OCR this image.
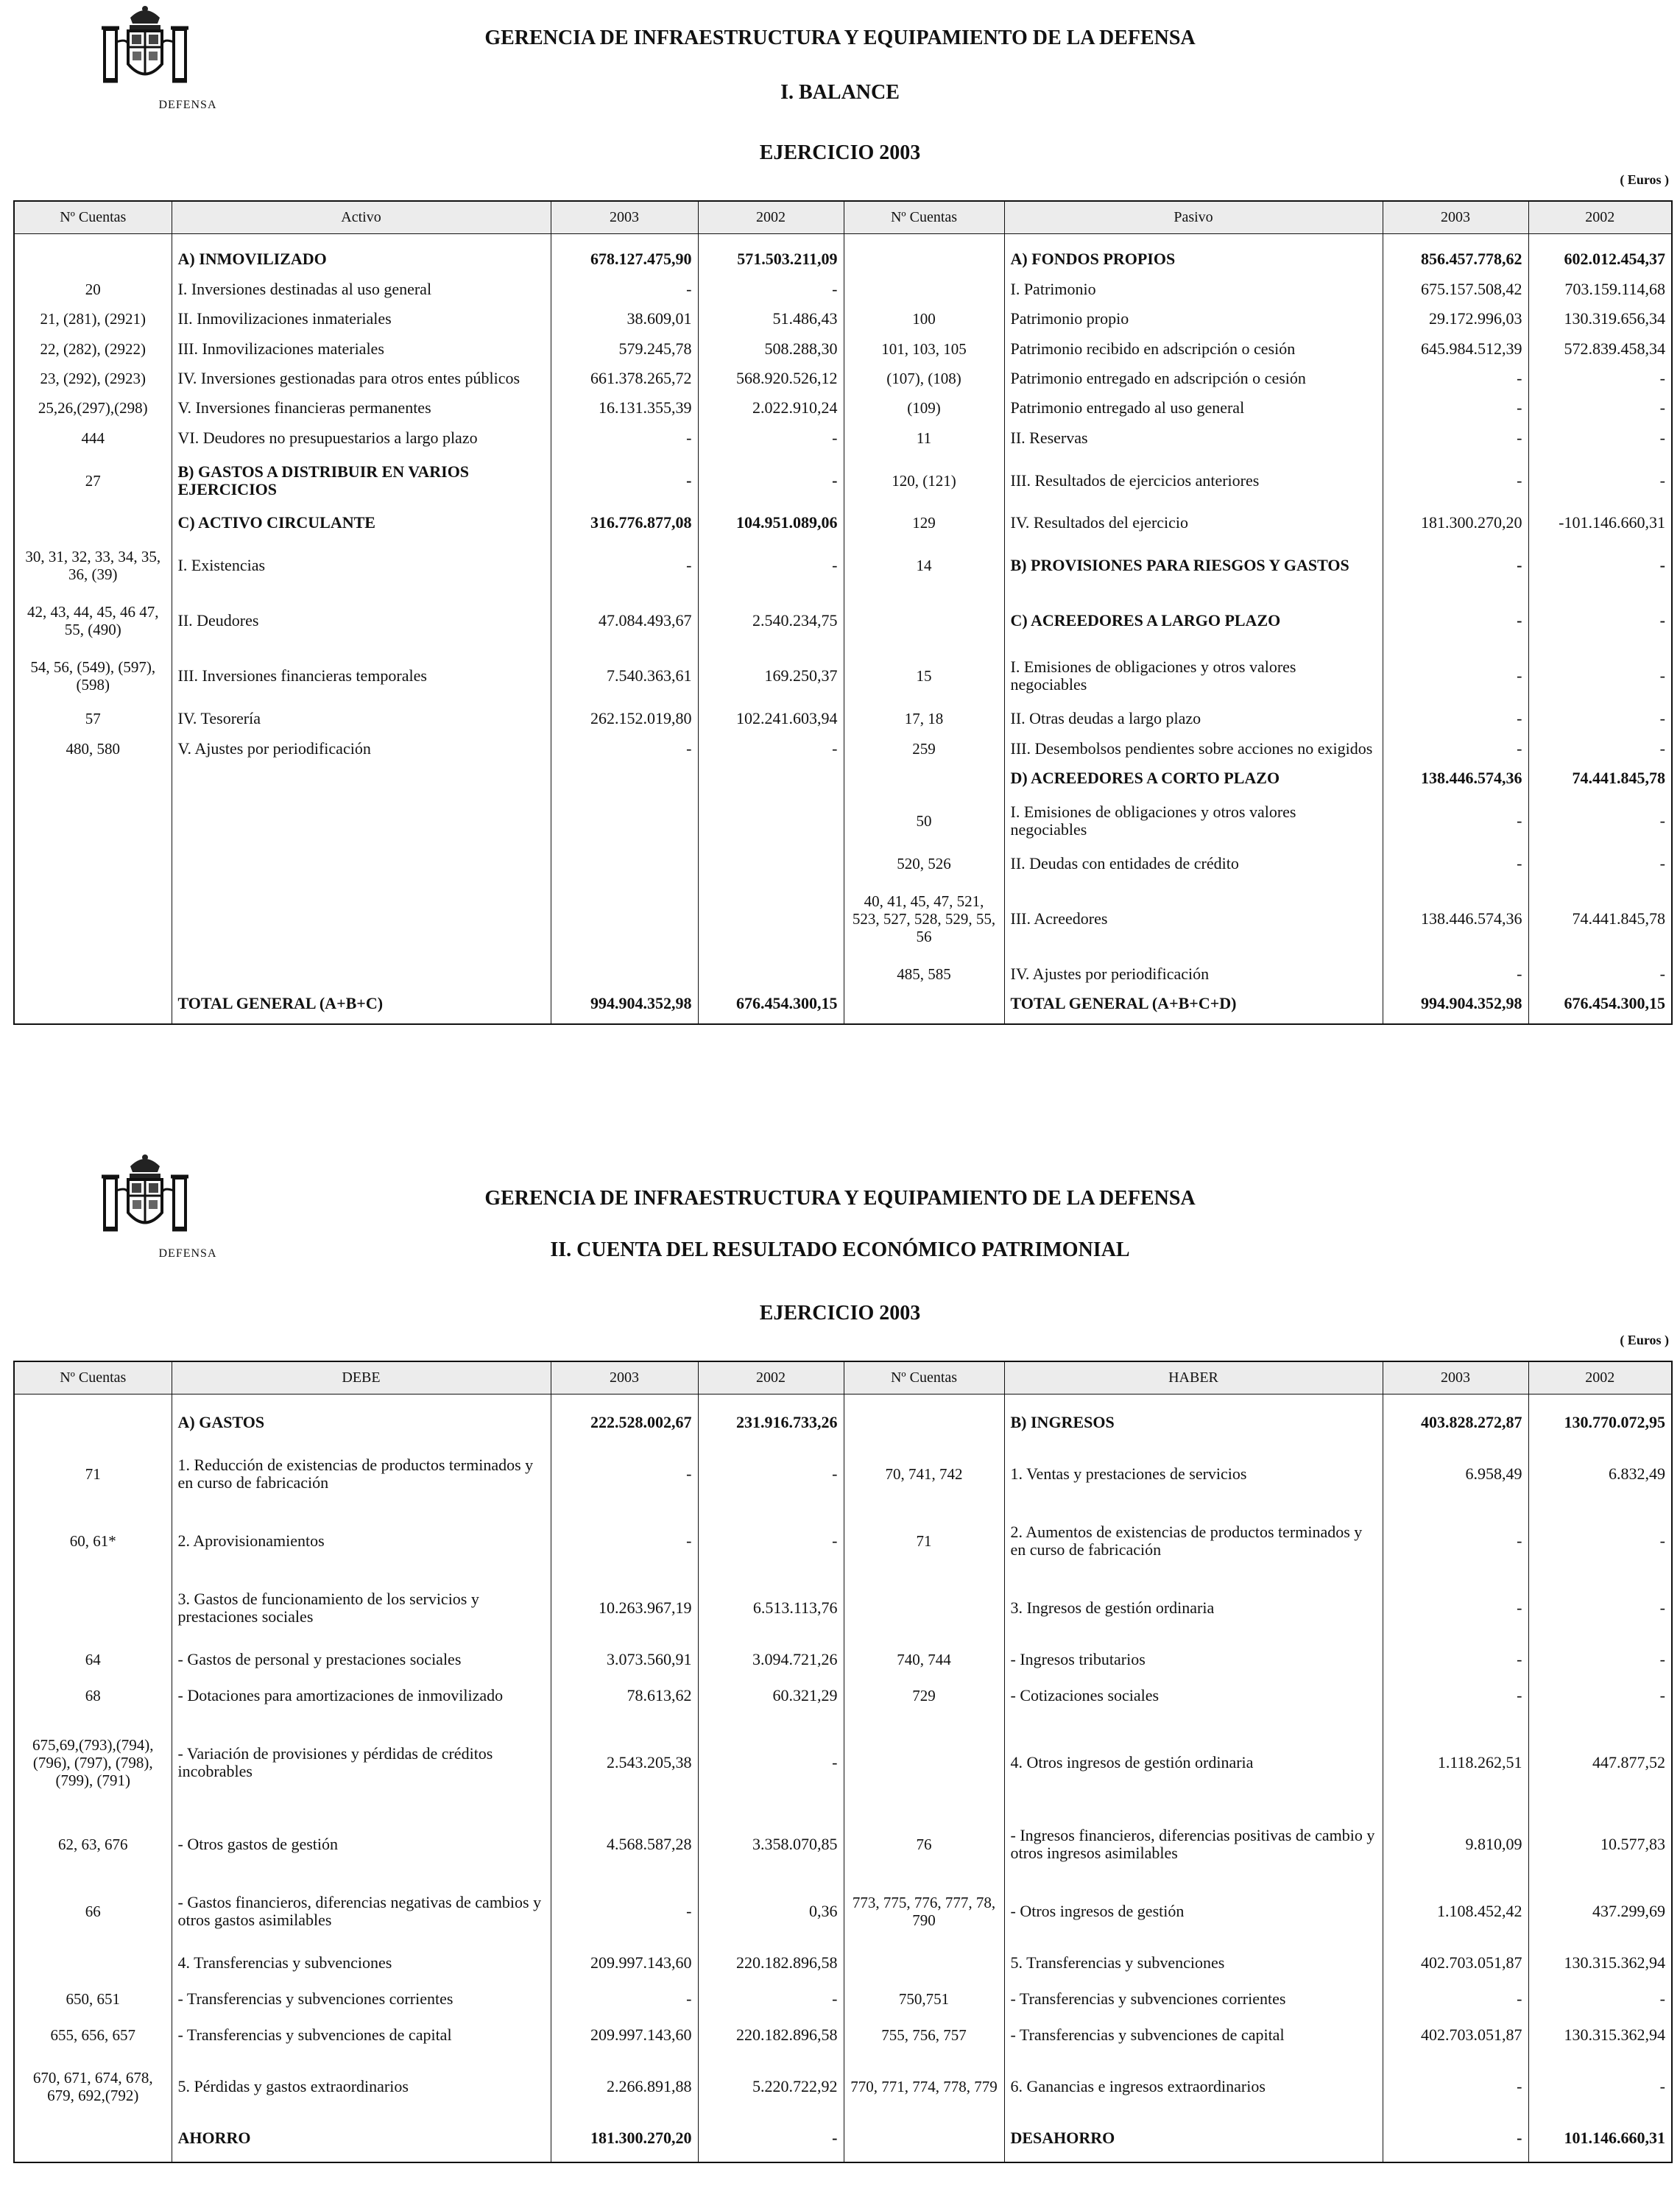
DEFENSA
GERENCIA DE INFRAESTRUCTURA Y EQUIPAMIENTO DE LA DEFENSA
I. BALANCE
EJERCICIO 2003
( Euros )
Nº Cuentas	Activo	2003	2002	Nº Cuentas	Pasivo	2003	2002

	A) INMOVILIZADO	678.127.475,90	571.503.211,09		A) FONDOS PROPIOS	856.457.778,62	602.012.454,37
20	I. Inversiones destinadas al uso general	-	-		I. Patrimonio	675.157.508,42	703.159.114,68
21, (281), (2921)	II. Inmovilizaciones inmateriales	38.609,01	51.486,43	100	Patrimonio propio	29.172.996,03	130.319.656,34
22, (282), (2922)	III. Inmovilizaciones materiales	579.245,78	508.288,30	101, 103, 105	Patrimonio recibido en adscripción o cesión	645.984.512,39	572.839.458,34
23, (292), (2923)	IV. Inversiones gestionadas para otros entes públicos	661.378.265,72	568.920.526,12	(107), (108)	Patrimonio entregado en adscripción o cesión	-	-
25,26,(297),(298)	V. Inversiones financieras permanentes	16.131.355,39	2.022.910,24	(109)	Patrimonio entregado al uso general	-	-
444	VI. Deudores no presupuestarios a largo plazo	-	-	11	II. Reservas	-	-
27	B) GASTOS A DISTRIBUIR EN VARIOS EJERCICIOS	-	-	120, (121)	III. Resultados de ejercicios anteriores	-	-
	C) ACTIVO CIRCULANTE	316.776.877,08	104.951.089,06	129	IV. Resultados del ejercicio	181.300.270,20	-101.146.660,31
30, 31, 32, 33, 34, 35, 36, (39)	I. Existencias	-	-	14	B) PROVISIONES PARA RIESGOS Y GASTOS	-	-
42, 43, 44, 45, 46 47, 55, (490)	II. Deudores	47.084.493,67	2.540.234,75		C) ACREEDORES A LARGO PLAZO	-	-
54, 56, (549), (597), (598)	III. Inversiones financieras temporales	7.540.363,61	169.250,37	15	I. Emisiones de obligaciones y otros valores negociables	-	-
57	IV. Tesorería	262.152.019,80	102.241.603,94	17, 18	II. Otras deudas a largo plazo	-	-
480, 580	V. Ajustes por periodificación	-	-	259	III. Desembolsos pendientes sobre acciones no exigidos	-	-
					D) ACREEDORES A CORTO PLAZO	138.446.574,36	74.441.845,78
				50	I. Emisiones de obligaciones y otros valores negociables	-	-
				520, 526	II. Deudas con entidades de crédito	-	-
				40, 41, 45, 47, 521, 523, 527, 528, 529, 55, 56	III. Acreedores	138.446.574,36	74.441.845,78
				485, 585	IV. Ajustes por periodificación	-	-
	TOTAL GENERAL (A+B+C)	994.904.352,98	676.454.300,15		TOTAL GENERAL (A+B+C+D)	994.904.352,98	676.454.300,15

DEFENSA
GERENCIA DE INFRAESTRUCTURA Y EQUIPAMIENTO DE LA DEFENSA
II. CUENTA DEL RESULTADO ECONÓMICO PATRIMONIAL
EJERCICIO 2003
( Euros )
Nº Cuentas	DEBE	2003	2002	Nº Cuentas	HABER	2003	2002

	A) GASTOS	222.528.002,67	231.916.733,26		B) INGRESOS	403.828.272,87	130.770.072,95
71	1. Reducción de existencias de productos terminados y en curso de fabricación	-	-	70, 741, 742	1. Ventas y prestaciones de servicios	6.958,49	6.832,49
60, 61*	2. Aprovisionamientos	-	-	71	2. Aumentos de existencias de productos terminados y en curso de fabricación	-	-
	3. Gastos de funcionamiento de los servicios y prestaciones sociales	10.263.967,19	6.513.113,76		3. Ingresos de gestión ordinaria	-	-
64	- Gastos de personal y prestaciones sociales	3.073.560,91	3.094.721,26	740, 744	- Ingresos tributarios	-	-
68	- Dotaciones para amortizaciones de inmovilizado	78.613,62	60.321,29	729	- Cotizaciones sociales	-	-
675,69,(793),(794), (796), (797), (798), (799), (791)	- Variación de provisiones y pérdidas de créditos incobrables	2.543.205,38	-		4. Otros ingresos de gestión ordinaria	1.118.262,51	447.877,52
62, 63, 676	- Otros gastos de gestión	4.568.587,28	3.358.070,85	76	- Ingresos financieros, diferencias positivas de cambio y otros ingresos asimilables	9.810,09	10.577,83
66	- Gastos financieros, diferencias negativas de cambios y otros gastos asimilables	-	0,36	773, 775, 776, 777, 78, 790	- Otros ingresos de gestión	1.108.452,42	437.299,69
	4. Transferencias y subvenciones	209.997.143,60	220.182.896,58		5. Transferencias y subvenciones	402.703.051,87	130.315.362,94
650, 651	- Transferencias y subvenciones corrientes	-	-	750,751	- Transferencias y subvenciones corrientes	-	-
655, 656, 657	- Transferencias y subvenciones de capital	209.997.143,60	220.182.896,58	755, 756, 757	- Transferencias y subvenciones de capital	402.703.051,87	130.315.362,94
670, 671, 674, 678, 679, 692,(792)	5. Pérdidas y gastos extraordinarios	2.266.891,88	5.220.722,92	770, 771, 774, 778, 779	6. Ganancias e ingresos extraordinarios	-	-
	AHORRO	181.300.270,20	-		DESAHORRO	-	101.146.660,31
